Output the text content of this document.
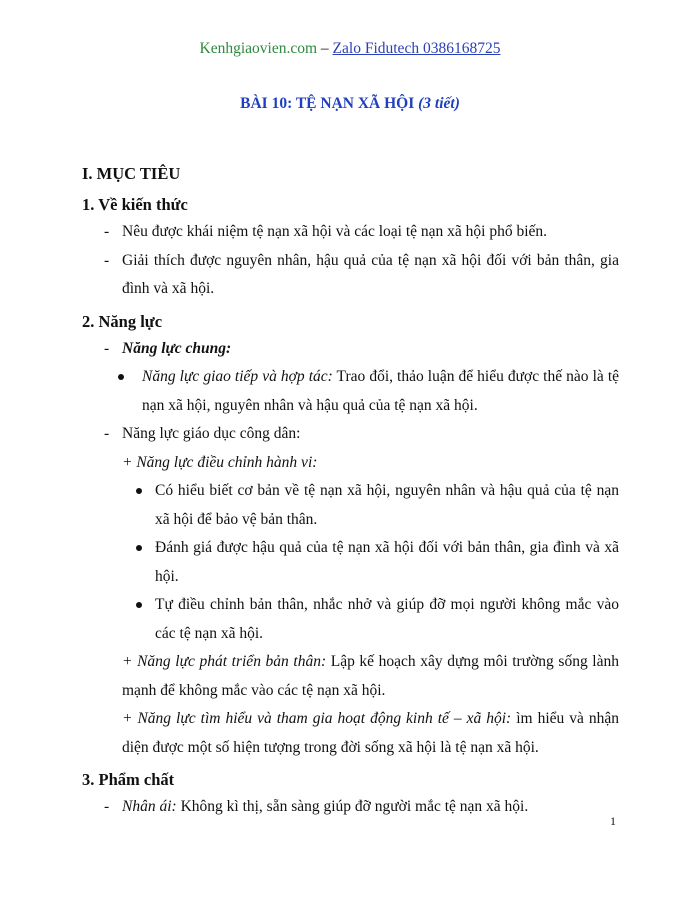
Kenhgiaovien.com – Zalo Fidutech 0386168725
BÀI 10: TỆ NẠN XÃ HỘI (3 tiết)

I. MỤC TIÊU

1. Về kiến thức

- Nêu được khái niệm tệ nạn xã hội và các loại tệ nạn xã hội phổ biến.
- Giải thích được nguyên nhân, hậu quả của tệ nạn xã hội đối với bản thân, gia đình và xã hội.

2. Năng lực

- Năng lực chung:
Năng lực giao tiếp và hợp tác: Trao đổi, thảo luận để hiểu được thế nào là tệ nạn xã hội, nguyên nhân và hậu quả của tệ nạn xã hội.
- Năng lực giáo dục công dân:
+ Năng lực điều chỉnh hành vi:
Có hiểu biết cơ bản về tệ nạn xã hội, nguyên nhân và hậu quả của tệ nạn xã hội để bảo vệ bản thân.
Đánh giá được hậu quả của tệ nạn xã hội đối với bản thân, gia đình và xã hội.
Tự điều chỉnh bản thân, nhắc nhở và giúp đỡ mọi người không mắc vào các tệ nạn xã hội.
+ Năng lực phát triển bản thân: Lập kế hoạch xây dựng môi trường sống lành mạnh để không mắc vào các tệ nạn xã hội.
+ Năng lực tìm hiểu và tham gia hoạt động kinh tế – xã hội: ìm hiểu và nhận diện được một số hiện tượng trong đời sống xã hội là tệ nạn xã hội.

3. Phẩm chất

- Nhân ái: Không kì thị, sẵn sàng giúp đỡ người mắc tệ nạn xã hội.
1
